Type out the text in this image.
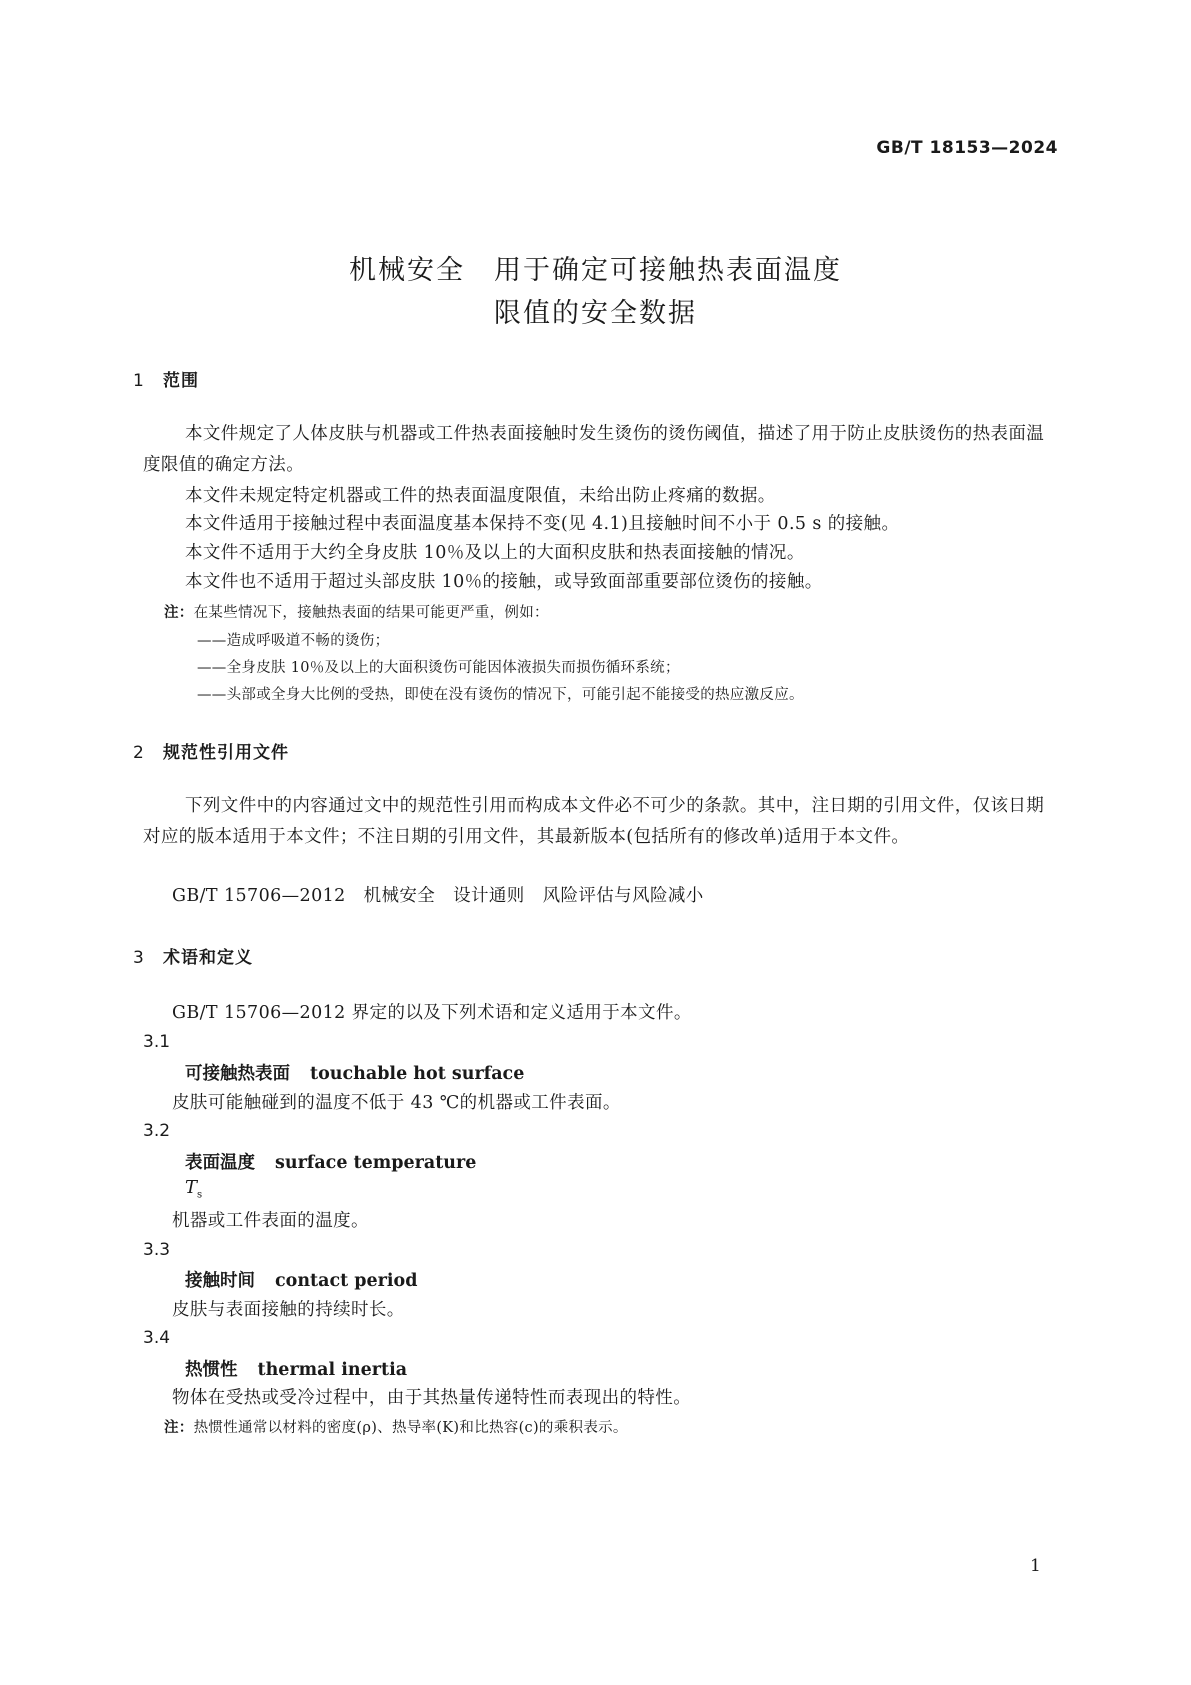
GB/T 18153—2024
机械安全　用于确定可接触热表面温度
限值的安全数据
1 范围
本文件规定了人体皮肤与机器或工件热表面接触时发生烫伤的烫伤阈值，描述了用于防止皮肤烫伤的热表面温度限值的确定方法。
本文件未规定特定机器或工件的热表面温度限值，未给出防止疼痛的数据。
本文件适用于接触过程中表面温度基本保持不变(见 4.1)且接触时间不小于 0.5 s 的接触。
本文件不适用于大约全身皮肤 10％及以上的大面积皮肤和热表面接触的情况。
本文件也不适用于超过头部皮肤 10％的接触，或导致面部重要部位烫伤的接触。
注：在某些情况下，接触热表面的结果可能更严重，例如：
——造成呼吸道不畅的烫伤；
——全身皮肤 10％及以上的大面积烫伤可能因体液损失而损伤循环系统；
——头部或全身大比例的受热，即使在没有烫伤的情况下，可能引起不能接受的热应激反应。
2 规范性引用文件
下列文件中的内容通过文中的规范性引用而构成本文件必不可少的条款。其中，注日期的引用文件，仅该日期对应的版本适用于本文件；不注日期的引用文件，其最新版本(包括所有的修改单)适用于本文件。
GB/T 15706—2012　机械安全　设计通则　风险评估与风险减小
3 术语和定义
GB/T 15706—2012 界定的以及下列术语和定义适用于本文件。
3.1
可接触热表面 touchable hot surface
皮肤可能触碰到的温度不低于 43 ℃的机器或工件表面。
3.2
表面温度 surface temperature
$T_s$
机器或工件表面的温度。
3.3
接触时间 contact period
皮肤与表面接触的持续时长。
3.4
热惯性 thermal inertia
物体在受热或受冷过程中，由于其热量传递特性而表现出的特性。
注：热惯性通常以材料的密度(ρ)、热导率(K)和比热容(c)的乘积表示。
1
